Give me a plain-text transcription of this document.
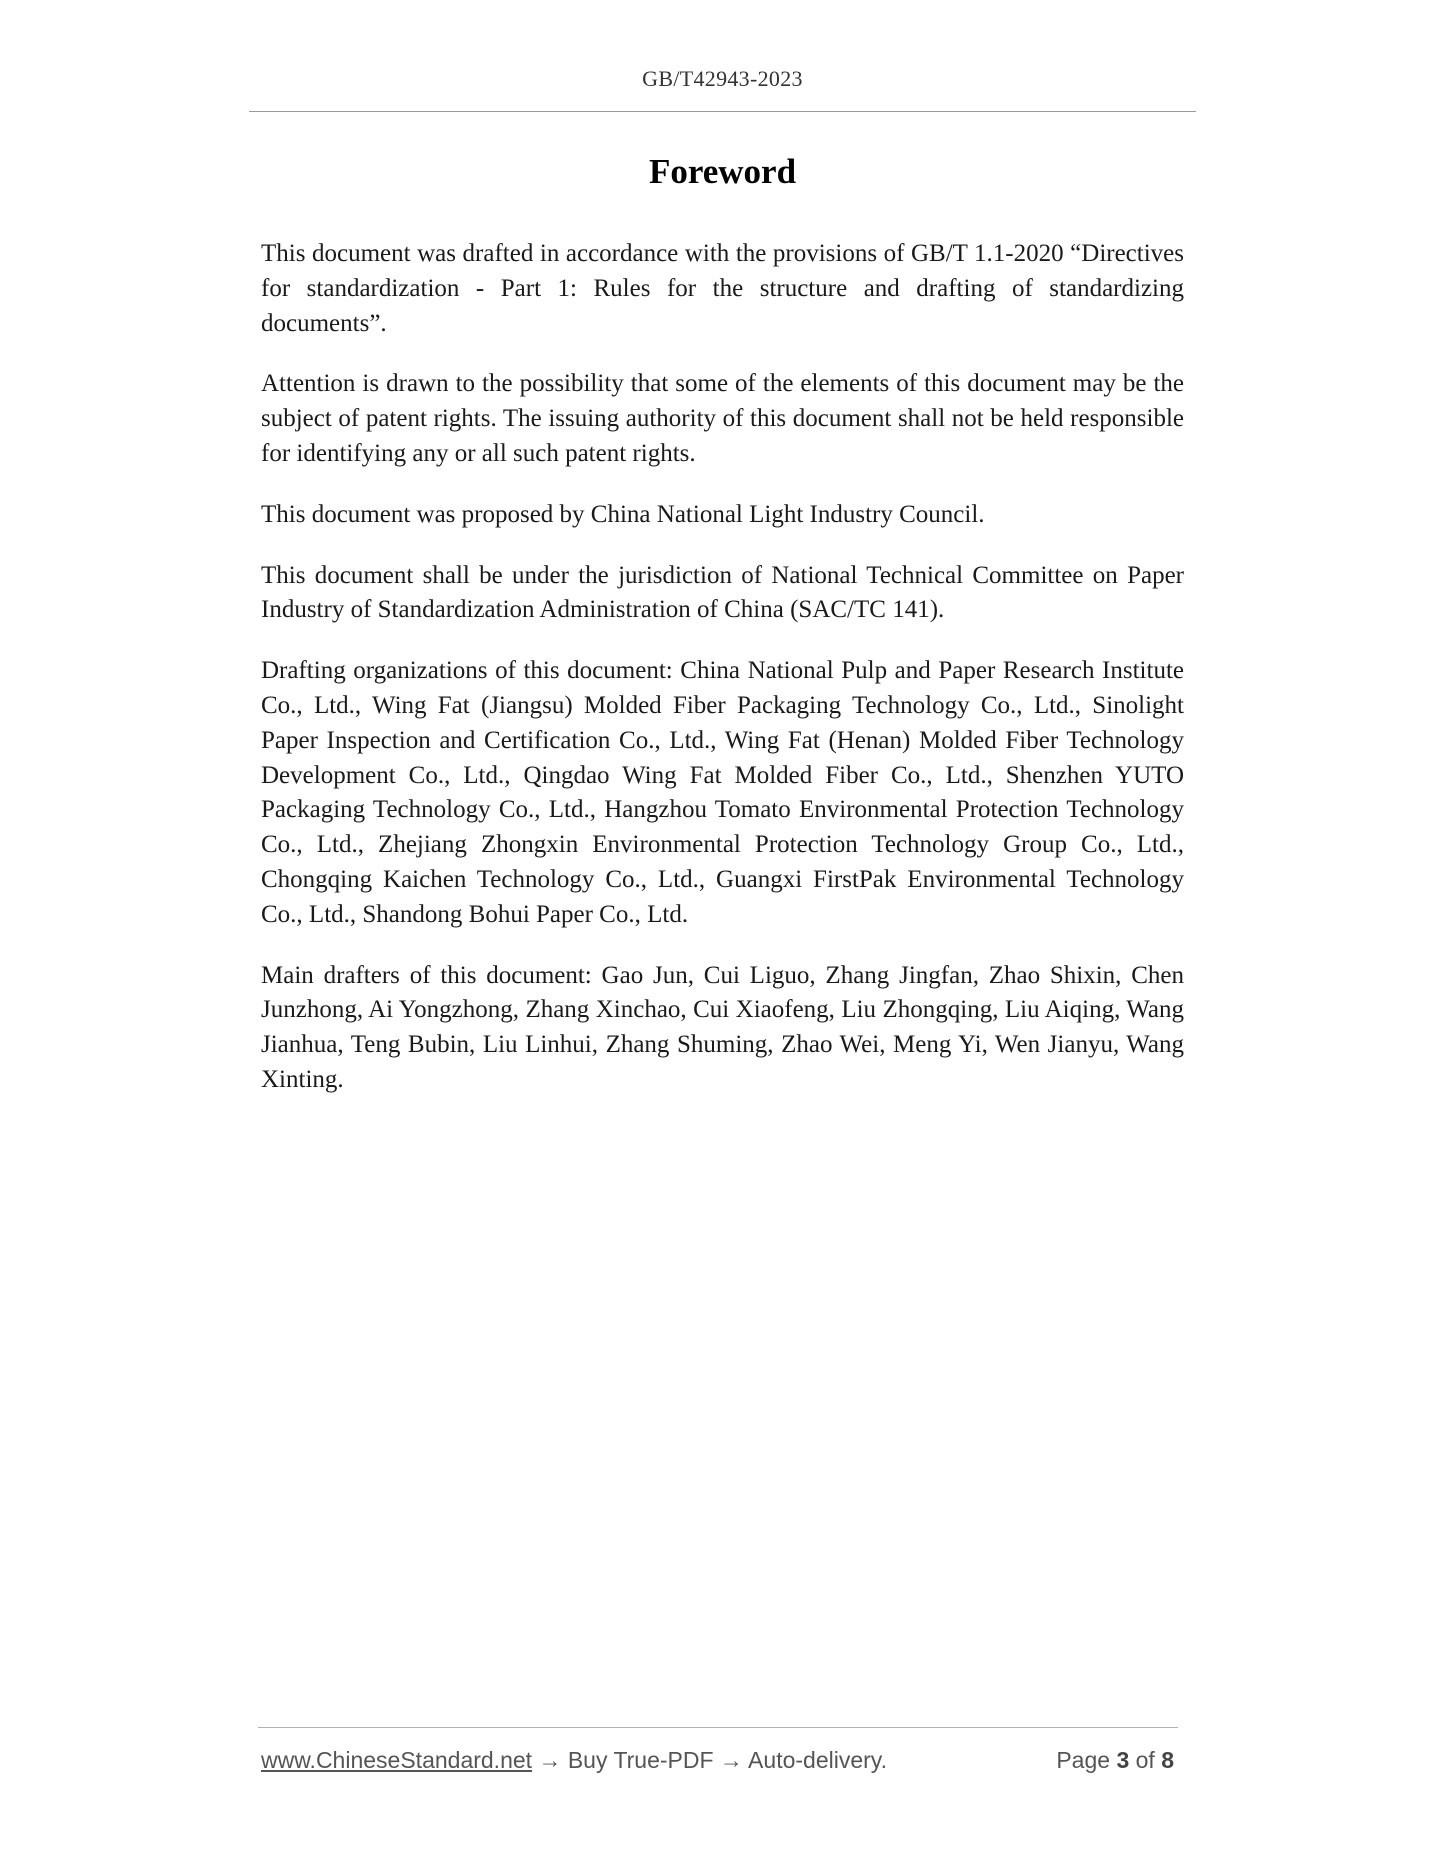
GB/T42943-2023
Foreword

This document was drafted in accordance with the provisions of GB/T 1.1-2020 “Directives for standardization - Part 1: Rules for the structure and drafting of standardizing documents”.

Attention is drawn to the possibility that some of the elements of this document may be the subject of patent rights. The issuing authority of this document shall not be held responsible for identifying any or all such patent rights.

This document was proposed by China National Light Industry Council.

This document shall be under the jurisdiction of National Technical Committee on Paper Industry of Standardization Administration of China (SAC/TC 141).

Drafting organizations of this document: China National Pulp and Paper Research Institute Co., Ltd., Wing Fat (Jiangsu) Molded Fiber Packaging Technology Co., Ltd., Sinolight Paper Inspection and Certification Co., Ltd., Wing Fat (Henan) Molded Fiber Technology Development Co., Ltd., Qingdao Wing Fat Molded Fiber Co., Ltd., Shenzhen YUTO Packaging Technology Co., Ltd., Hangzhou Tomato Environmental Protection Technology Co., Ltd., Zhejiang Zhongxin Environmental Protection Technology Group Co., Ltd., Chongqing Kaichen Technology Co., Ltd., Guangxi FirstPak Environmental Technology Co., Ltd., Shandong Bohui Paper Co., Ltd.

Main drafters of this document: Gao Jun, Cui Liguo, Zhang Jingfan, Zhao Shixin, Chen Junzhong, Ai Yongzhong, Zhang Xinchao, Cui Xiaofeng, Liu Zhongqing, Liu Aiqing, Wang Jianhua, Teng Bubin, Liu Linhui, Zhang Shuming, Zhao Wei, Meng Yi, Wen Jianyu, Wang Xinting.

www.ChineseStandard.net → Buy True-PDF → Auto-delivery.	Page 3 of 8
